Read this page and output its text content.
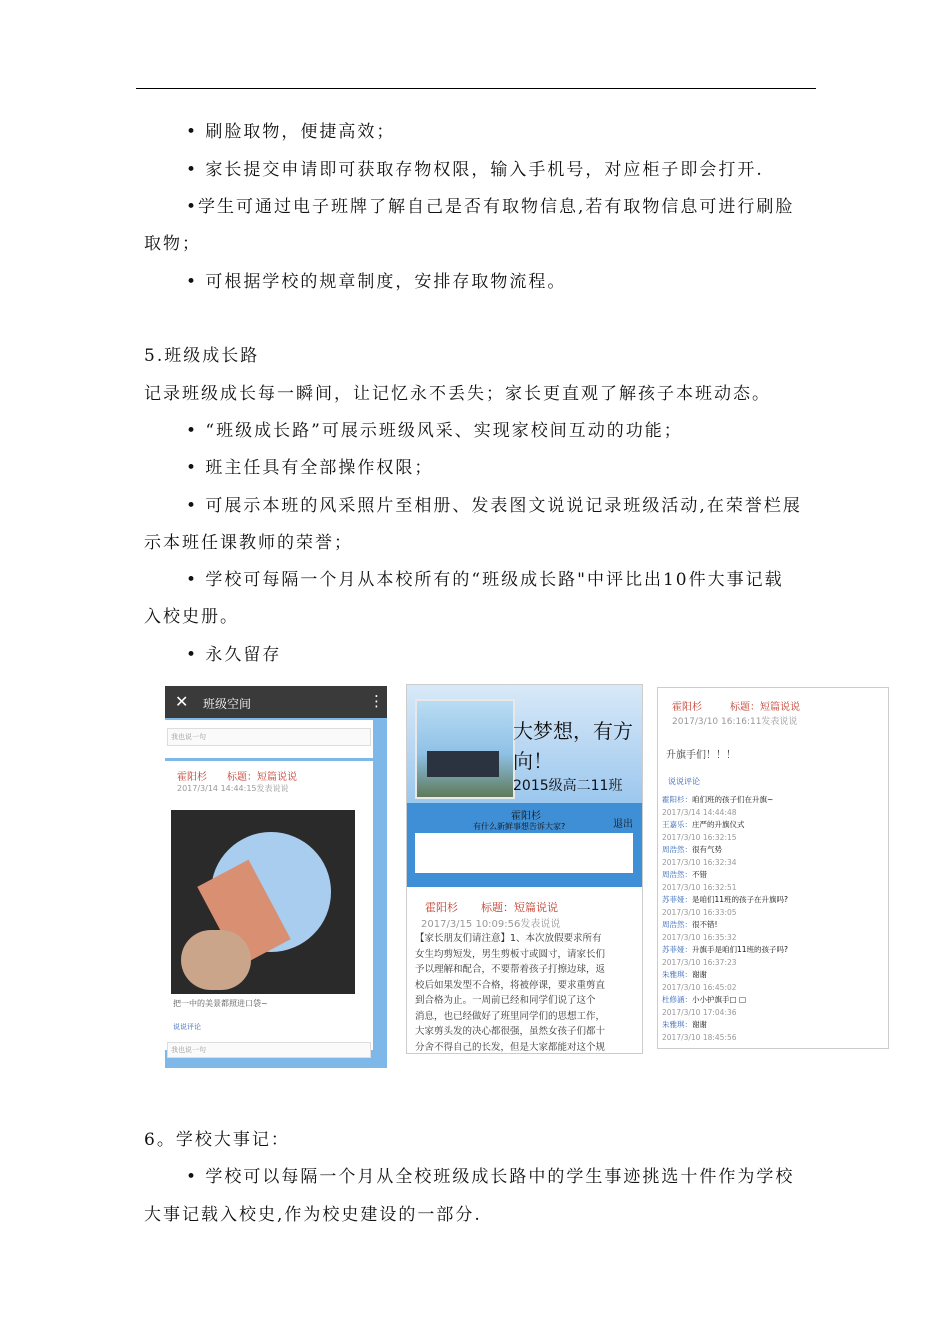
• 刷脸取物，便捷高效；
• 家长提交申请即可获取存物权限，输入手机号，对应柜子即会打开.
•学生可通过电子班牌了解自己是否有取物信息,若有取物信息可进行刷脸
取物；
• 可根据学校的规章制度，安排存取物流程。
5.班级成长路
记录班级成长每一瞬间，让记忆永不丢失；家长更直观了解孩子本班动态。
• “班级成长路”可展示班级风采、实现家校间互动的功能；
• 班主任具有全部操作权限；
• 可展示本班的风采照片至相册、发表图文说说记录班级活动,在荣誉栏展
示本班任课教师的荣誉；
• 学校可每隔一个月从本校所有的“班级成长路"中评比出10件大事记载
入校史册。
• 永久留存
✕ 班级空间	⋮
我也说一句
霍阳杉 标题：短篇说说
2017/3/14 14:44:15发表说说
把一中的美景都照进口袋~
说说评论
我也说一句
大梦想，有方
向！
2015级高二11班
霍阳杉
有什么新鲜事想告诉大家?	退出
霍阳杉 标题：短篇说说
2017/3/15 10:09:56发表说说
【家长朋友们请注意】1、本次放假要求所有
女生均剪短发，男生剪板寸或圆寸，请家长们
予以理解和配合，不要帮着孩子打擦边球，返
校后如果发型不合格，将被停课，要求重剪直
到合格为止。一周前已经和同学们说了这个
消息，也已经做好了班里同学们的思想工作，
大家剪头发的决心都很强，虽然女孩子们都十
分舍不得自己的长发，但是大家都能对这个规
霍阳杉	标题：短篇说说
2017/3/10 16:16:11发表说说
升旗手们！！！
说说评论
霍阳杉：咱们班的孩子们在升旗~
2017/3/14 14:44:48
王嘉乐：庄严的升旗仪式
2017/3/10 16:32:15
周浩然：很有气势
2017/3/10 16:32:34
周浩然：不错
2017/3/10 16:32:51
苏菲娅：是咱们11班的孩子在升旗吗?
2017/3/10 16:33:05
周浩然：很不错!
2017/3/10 16:35:32
苏菲娅：升旗手是咱们11班的孩子吗?
2017/3/10 16:37:23
朱雅琪：谢谢
2017/3/10 16:45:02
杜修涵：小小护旗手□ □
2017/3/10 17:04:36
朱雅琪：谢谢
2017/3/10 18:45:56
6。学校大事记：
• 学校可以每隔一个月从全校班级成长路中的学生事迹挑选十件作为学校
大事记载入校史,作为校史建设的一部分.
